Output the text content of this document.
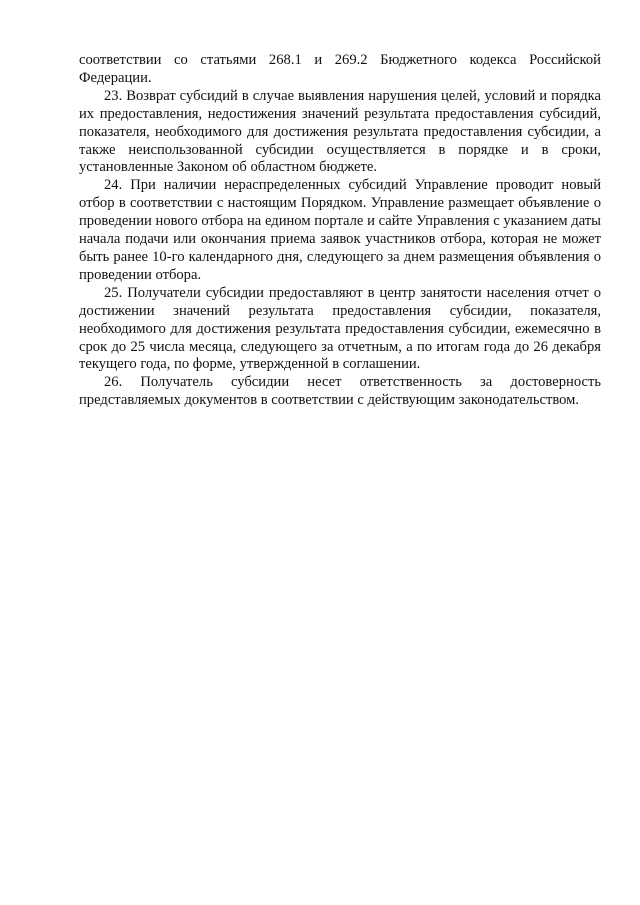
соответствии со статьями 268.1 и 269.2 Бюджетного кодекса Российской Федерации.

23. Возврат субсидий в случае выявления нарушения целей, условий и порядка их предоставления, недостижения значений результата предоставления субсидий, показателя, необходимого для достижения результата предоставления субсидии, а также неиспользованной субсидии осуществляется в порядке и в сроки, установленные Законом об областном бюджете.

24. При наличии нераспределенных субсидий Управление проводит новый отбор в соответствии с настоящим Порядком. Управление размещает объявление о проведении нового отбора на едином портале и сайте Управления с указанием даты начала подачи или окончания приема заявок участников отбора, которая не может быть ранее 10-го календарного дня, следующего за днем размещения объявления о проведении отбора.

25. Получатели субсидии предоставляют в центр занятости населения отчет о достижении значений результата предоставления субсидии, показателя, необходимого для достижения результата предоставления субсидии, ежемесячно в срок до 25 числа месяца, следующего за отчетным, а по итогам года до 26 декабря текущего года, по форме, утвержденной в соглашении.

26. Получатель субсидии несет ответственность за достоверность представляемых документов в соответствии с действующим законодательством.
